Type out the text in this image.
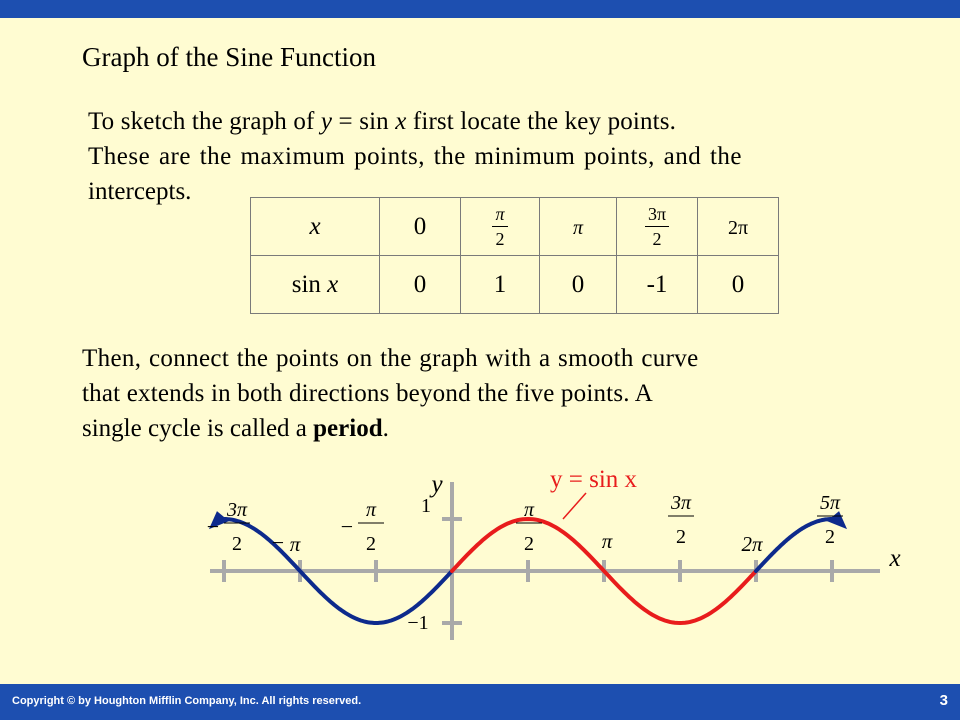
Graph of the Sine Function

To sketch the graph of y = sin x first locate the key points.
These are the maximum points, the minimum points, and the
intercepts.

x	0	$\frac{\pi}{2}$	π	$\frac{3\pi}{2}$	2π
sin x	0	1	0	-1	0

Then, connect the points on the graph with a smooth curve
that extends in both directions beyond the five points. A
single cycle is called a period.

3π
2
−
π
−
π
2
−
π
2	π
3π
2	2π
5π
2
1
−1
y
x
y = sin x
Copyright © by Houghton Mifflin Company, Inc. All rights reserved.	3
